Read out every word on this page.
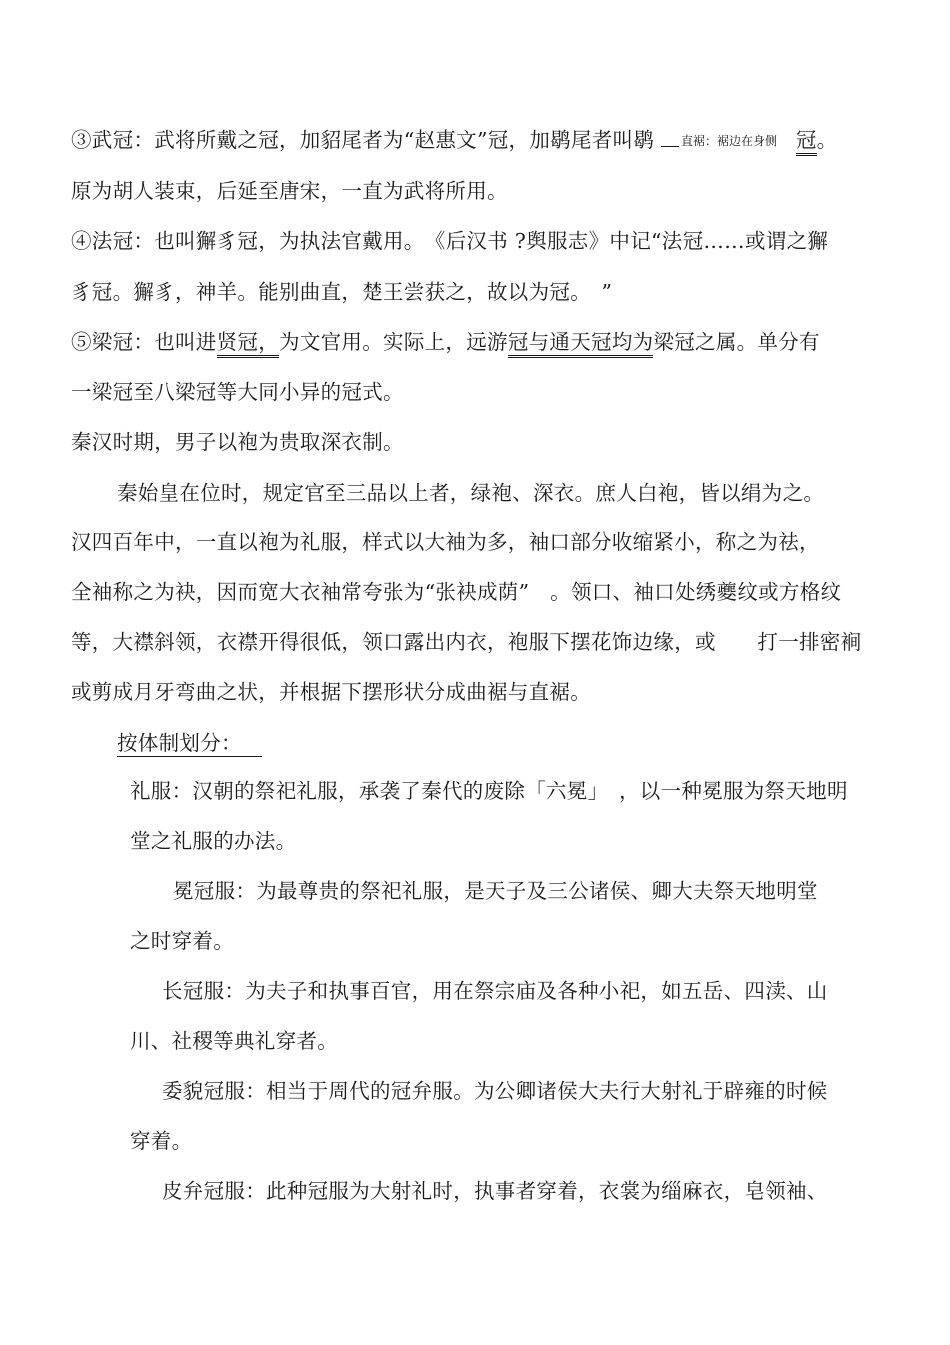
③武冠：武将所戴之冠，加貂尾者为“赵惠文”冠，加鹖尾者叫鹖 直裾：裾边在身侧 冠。
原为胡人装束，后延至唐宋，一直为武将所用。
④法冠：也叫獬豸冠，为执法官戴用。　《后汉书 ?舆服志》中记“法冠……或谓之獬
豸冠。獬豸，神羊。能别曲直，楚王尝获之，故以为冠。　”
⑤梁冠：也叫进贤冠，为文官用。实际上，远游冠与通天冠均为梁冠之属。单分有
一梁冠至八梁冠等大同小异的冠式。
秦汉时期，男子以袍为贵取深衣制。
秦始皇在位时，规定官至三品以上者，绿袍、深衣。庶人白袍，皆以绢为之。
汉四百年中，一直以袍为礼服，样式以大袖为多，袖口部分收缩紧小，称之为祛，
全袖称之为袂，因而宽大衣袖常夸张为“张袂成荫”　。领口、袖口处绣夔纹或方格纹
等，大襟斜领，衣襟开得很低，领口露出内衣，袍服下摆花饰边缘，或　　打一排密裥
或剪成月牙弯曲之状，并根据下摆形状分成曲裾与直裾。
按体制划分：
礼服：汉朝的祭祀礼服，承袭了秦代的废除「六冕」　，以一种冕服为祭天地明
堂之礼服的办法。
冕冠服：为最尊贵的祭祀礼服，是天子及三公诸侯、卿大夫祭天地明堂
之时穿着。
长冠服：为夫子和执事百官，用在祭宗庙及各种小祀，如五岳、四渎、山
川、社稷等典礼穿者。
委貌冠服：相当于周代的冠弁服。为公卿诸侯大夫行大射礼于辟雍的时候
穿着。
皮弁冠服：此种冠服为大射礼时，执事者穿着，衣裳为缁麻衣，皂领袖、
